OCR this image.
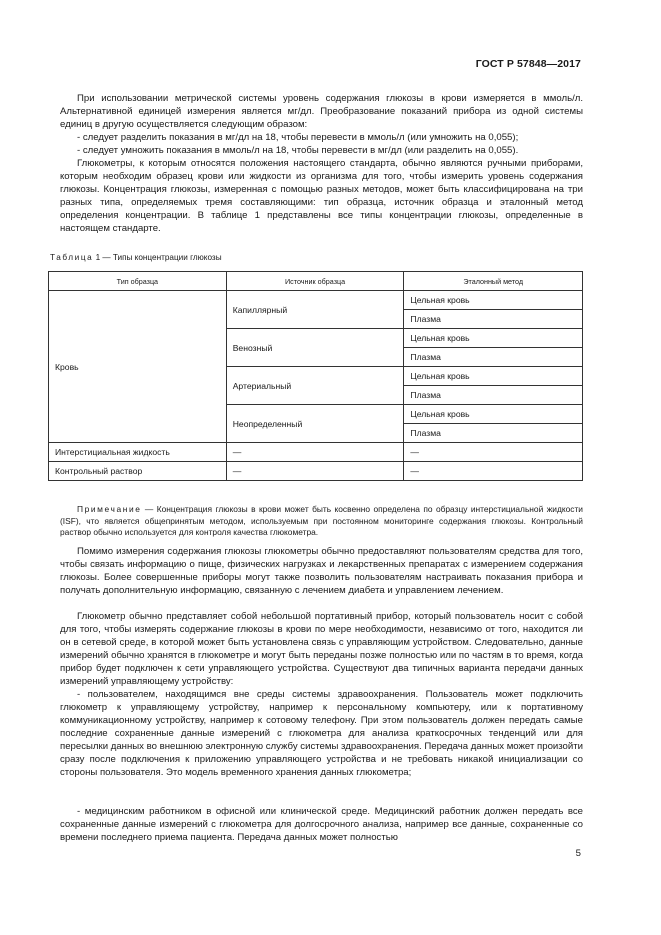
ГОСТ Р 57848—2017
При использовании метрической системы уровень содержания глюкозы в крови измеряется в ммоль/л. Альтернативной единицей измерения является мг/дл. Преобразование показаний прибора из одной системы единиц в другую осуществляется следующим образом:
- следует разделить показания в мг/дл на 18, чтобы перевести в ммоль/л (или умножить на 0,055);
- следует умножить показания в ммоль/л на 18, чтобы перевести в мг/дл (или разделить на 0,055).
Глюкометры, к которым относятся положения настоящего стандарта, обычно являются ручными приборами, которым необходим образец крови или жидкости из организма для того, чтобы измерить уровень содержания глюкозы. Концентрация глюкозы, измеренная с помощью разных методов, может быть классифицирована на три разных типа, определяемых тремя составляющими: тип образца, источник образца и эталонный метод определения концентрации. В таблице 1 представлены все типы концентрации глюкозы, определенные в настоящем стандарте.
Таблица 1 — Типы концентрации глюкозы
Тип образца	Источник образца	Эталонный метод
Кровь	Капиллярный	Цельная кровь
		Плазма
	Венозный	Цельная кровь
		Плазма
	Артериальный	Цельная кровь
		Плазма
	Неопределенный	Цельная кровь
		Плазма
Интерстициальная жидкость	—	—
Контрольный раствор	—	—
Примечание — Концентрация глюкозы в крови может быть косвенно определена по образцу интерстициальной жидкости (ISF), что является общепринятым методом, используемым при постоянном мониторинге содержания глюкозы. Контрольный раствор обычно используется для контроля качества глюкометра.
Помимо измерения содержания глюкозы глюкометры обычно предоставляют пользователям средства для того, чтобы связать информацию о пище, физических нагрузках и лекарственных препаратах с измерением содержания глюкозы. Более совершенные приборы могут также позволить пользователям настраивать показания прибора и получать дополнительную информацию, связанную с лечением диабета и управлением лечением.
Глюкометр обычно представляет собой небольшой портативный прибор, который пользователь носит с собой для того, чтобы измерять содержание глюкозы в крови по мере необходимости, независимо от того, находится ли он в сетевой среде, в которой может быть установлена связь с управляющим устройством. Следовательно, данные измерений обычно хранятся в глюкометре и могут быть переданы позже полностью или по частям в то время, когда прибор будет подключен к сети управляющего устройства. Существуют два типичных варианта передачи данных измерений управляющему устройству:
- пользователем, находящимся вне среды системы здравоохранения. Пользователь может подключить глюкометр к управляющему устройству, например к персональному компьютеру, или к портативному коммуникационному устройству, например к сотовому телефону. При этом пользователь должен передать самые последние сохраненные данные измерений с глюкометра для анализа краткосрочных тенденций или для пересылки данных во внешнюю электронную службу системы здравоохранения. Передача данных может произойти сразу после подключения к приложению управляющего устройства и не требовать никакой инициализации со стороны пользователя. Это модель временного хранения данных глюкометра;
- медицинским работником в офисной или клинической среде. Медицинский работник должен передать все сохраненные данные измерений с глюкометра для долгосрочного анализа, например все данные, сохраненные со времени последнего приема пациента. Передача данных может полностью
5
